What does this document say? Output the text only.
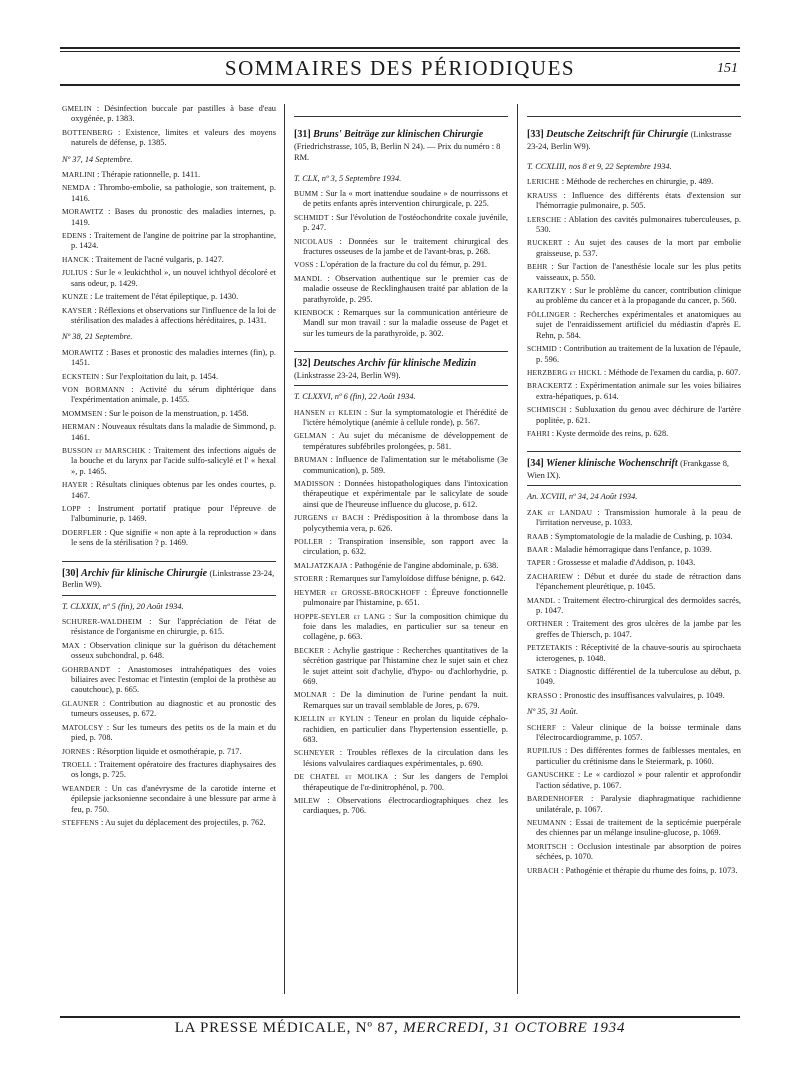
SOMMAIRES DES PÉRIODIQUES	151

GMELIN : Désinfection buccale par pastilles à base d'eau oxygénée, p. 1383.

BOTTENBERG : Existence, limites et valeurs des moyens naturels de défense, p. 1385.

Nº 37, 14 Septembre.

MARLINI : Thérapie rationnelle, p. 1411.

NEMDA : Thrombo-embolie, sa pathologie, son traitement, p. 1416.

MORAWITZ : Bases du pronostic des maladies internes, p. 1419.

EDENS : Traitement de l'angine de poitrine par la strophantine, p. 1424.

HANCK : Traitement de l'acné vulgaris, p. 1427.

JULIUS : Sur le « leukichthol », un nouvel ichthyol décoloré et sans odeur, p. 1429.

KUNZE : Le traitement de l'état épileptique, p. 1430.

KAYSER : Réflexions et observations sur l'influence de la loi de stérilisation des malades à affections héréditaires, p. 1431.

Nº 38, 21 Septembre.

MORAWITZ : Bases et pronostic des maladies internes (fin), p. 1451.

ECKSTEIN : Sur l'exploitation du lait, p. 1454.

VON BORMANN : Activité du sérum diphtérique dans l'expérimentation animale, p. 1455.

MOMMSEN : Sur le poison de la menstruation, p. 1458.

HERMAN : Nouveaux résultats dans la maladie de Simmond, p. 1461.

BUSSON et MARSCHIK : Traitement des infections aiguës de la bouche et du larynx par l'acide sulfo-salicylé et l' « hexal », p. 1465.

HAYER : Résultats cliniques obtenus par les ondes courtes, p. 1467.

LOPP : Instrument portatif pratique pour l'épreuve de l'albuminurie, p. 1469.

DOERFLER : Que signifie « non apte à la reproduction » dans le sens de la stérilisation ? p. 1469.

[30] Archiv für klinische Chirurgie (Linkstrasse 23-24, Berlin W9).
T. CLXXIX, nº 5 (fin), 20 Août 1934.

SCHURER-WALDHEIM : Sur l'appréciation de l'état de résistance de l'organisme en chirurgie, p. 615.

MAX : Observation clinique sur la guérison du détachement osseux subchondral, p. 648.

GOHRBANDT : Anastomoses intrahépatiques des voies biliaires avec l'estomac et l'intestin (emploi de la prothèse au caoutchouc), p. 665.

GLAUNER : Contribution au diagnostic et au pronostic des tumeurs osseuses, p. 672.

MATOLCSY : Sur les tumeurs des petits os de la main et du pied, p. 708.

JORNES : Résorption liquide et osmothérapie, p. 717.

TROELL : Traitement opératoire des fractures diaphysaires des os longs, p. 725.

WEANDER : Un cas d'anévrysme de la carotide interne et épilepsie jacksonienne secondaire à une blessure par arme à feu, p. 750.

STEFFENS : Au sujet du déplacement des projectiles, p. 762.

[31] Bruns' Beiträge zur klinischen Chirurgie (Friedrichstrasse, 105, B, Berlin N 24). — Prix du numéro : 8 RM.
T. CLX, nº 3, 5 Septembre 1934.

BUMM : Sur la « mort inattendue soudaine » de nourrissons et de petits enfants après intervention chirurgicale, p. 225.

SCHMIDT : Sur l'évolution de l'ostéochondrite coxale juvénile, p. 247.

NICOLAUS : Données sur le traitement chirurgical des fractures osseuses de la jambe et de l'avant-bras, p. 268.

VOSS : L'opération de la fracture du col du fémur, p. 291.

MANDL : Observation authentique sur le premier cas de maladie osseuse de Recklinghausen traité par ablation de la parathyroïde, p. 295.

KIENBOCK : Remarques sur la communication antérieure de Mandl sur mon travail : sur la maladie osseuse de Paget et sur les tumeurs de la parathyroïde, p. 302.

[32] Deutsches Archiv für klinische Medizin (Linkstrasse 23-24, Berlin W9).
T. CLXXVI, nº 6 (fin), 22 Août 1934.

HANSEN et KLEIN : Sur la symptomatologie et l'hérédité de l'ictère hémolytique (anémie à cellule ronde), p. 567.

GELMAN : Au sujet du mécanisme de développement de températures subfébriles prolongées, p. 581.

BRUMAN : Influence de l'alimentation sur le métabolisme (3e communication), p. 589.

MADISSON : Données histopathologiques dans l'intoxication thérapeutique et expérimentale par le salicylate de soude ainsi que de l'heureuse influence du glucose, p. 612.

JURGENS et BACH : Prédisposition à la thrombose dans la polycythemia vera, p. 626.

POLLER : Transpiration insensible, son rapport avec la circulation, p. 632.

MALJATZKAJA : Pathogénie de l'angine abdominale, p. 638.

STOERR : Remarques sur l'amyloïdose diffuse bénigne, p. 642.

HEYMER et GROSSE-BROCKHOFF : Épreuve fonctionnelle pulmonaire par l'histamine, p. 651.

HOPPE-SEYLER et LANG : Sur la composition chimique du foie dans les maladies, en particulier sur sa teneur en collagène, p. 663.

BECKER : Achylie gastrique : Recherches quantitatives de la sécrétion gastrique par l'histamine chez le sujet sain et chez le sujet atteint soit d'achylie, d'hypo- ou d'achlorhydrie, p. 669.

MOLNAR : De la diminution de l'urine pendant la nuit. Remarques sur un travail semblable de Jores, p. 679.

KJELLIN et KYLIN : Teneur en prolan du liquide céphalo-rachidien, en particulier dans l'hypertension essentielle, p. 683.

SCHNEYER : Troubles réflexes de la circulation dans les lésions valvulaires cardiaques expérimentales, p. 690.

DE CHATEL et MOLIKA : Sur les dangers de l'emploi thérapeutique de l'α-dinitrophénol, p. 700.

MILEW : Observations électrocardiographiques chez les cardiaques, p. 706.

[33] Deutsche Zeitschrift für Chirurgie (Linkstrasse 23-24, Berlin W9).
T. CCXLIII, nos 8 et 9, 22 Septembre 1934.

LERICHE : Méthode de recherches en chirurgie, p. 489.

KRAUSS : Influence des différents états d'extension sur l'hémorragie pulmonaire, p. 505.

LERSCHE : Ablation des cavités pulmonaires tuberculeuses, p. 530.

RUCKERT : Au sujet des causes de la mort par embolie graisseuse, p. 537.

BEHR : Sur l'action de l'anesthésie locale sur les plus petits vaisseaux, p. 550.

KARITZKY : Sur le problème du cancer, contribution clinique au problème du cancer et à la propagande du cancer, p. 560.

FÖLLINGER : Recherches expérimentales et anatomiques au sujet de l'enraidissement artificiel du médiastin d'après E. Rehn, p. 584.

SCHMID : Contribution au traitement de la luxation de l'épaule, p. 596.

HERZBERG et HICKL : Méthode de l'examen du cardia, p. 607.

BRACKERTZ : Expérimentation animale sur les voies biliaires extra-hépatiques, p. 614.

SCHMISCH : Subluxation du genou avec déchirure de l'artère poplitée, p. 621.

FAHRI : Kyste dermoïde des reins, p. 628.

[34] Wiener klinische Wochenschrift (Frankgasse 8, Wien IX).
An. XCVIII, nº 34, 24 Août 1934.

ZAK et LANDAU : Transmission humorale à la peau de l'irritation nerveuse, p. 1033.

RAAB : Symptomatologie de la maladie de Cushing, p. 1034.

BAAR : Maladie hémorragique dans l'enfance, p. 1039.

TAPER : Grossesse et maladie d'Addison, p. 1043.

ZACHARIEW : Début et durée du stade de rétraction dans l'épanchement pleurétique, p. 1045.

MANDL : Traitement électro-chirurgical des dermoïdes sacrés, p. 1047.

ORTHNER : Traitement des gros ulcères de la jambe par les greffes de Thiersch, p. 1047.

PETZETAKIS : Réceptivité de la chauve-souris au spirochaeta icterogenes, p. 1048.

SATKE : Diagnostic différentiel de la tuberculose au début, p. 1049.

KRASSO : Pronostic des insuffisances valvulaires, p. 1049.

Nº 35, 31 Août.

SCHERF : Valeur clinique de la boisse terminale dans l'électrocardiogramme, p. 1057.

RUPILIUS : Des différentes formes de faiblesses mentales, en particulier du crétinisme dans le Steiermark, p. 1060.

GANUSCHKE : Le « cardiozol » pour ralentir et approfondir l'action sédative, p. 1067.

BARDENHOFER : Paralysie diaphragmatique rachidienne unilatérale, p. 1067.

NEUMANN : Essai de traitement de la septicémie puerpérale des chiennes par un mélange insuline-glucose, p. 1069.

MORITSCH : Occlusion intestinale par absorption de poires séchées, p. 1070.

URBACH : Pathogénie et thérapie du rhume des foins, p. 1073.

LA PRESSE MÉDICALE, Nº 87, MERCREDI, 31 OCTOBRE 1934
